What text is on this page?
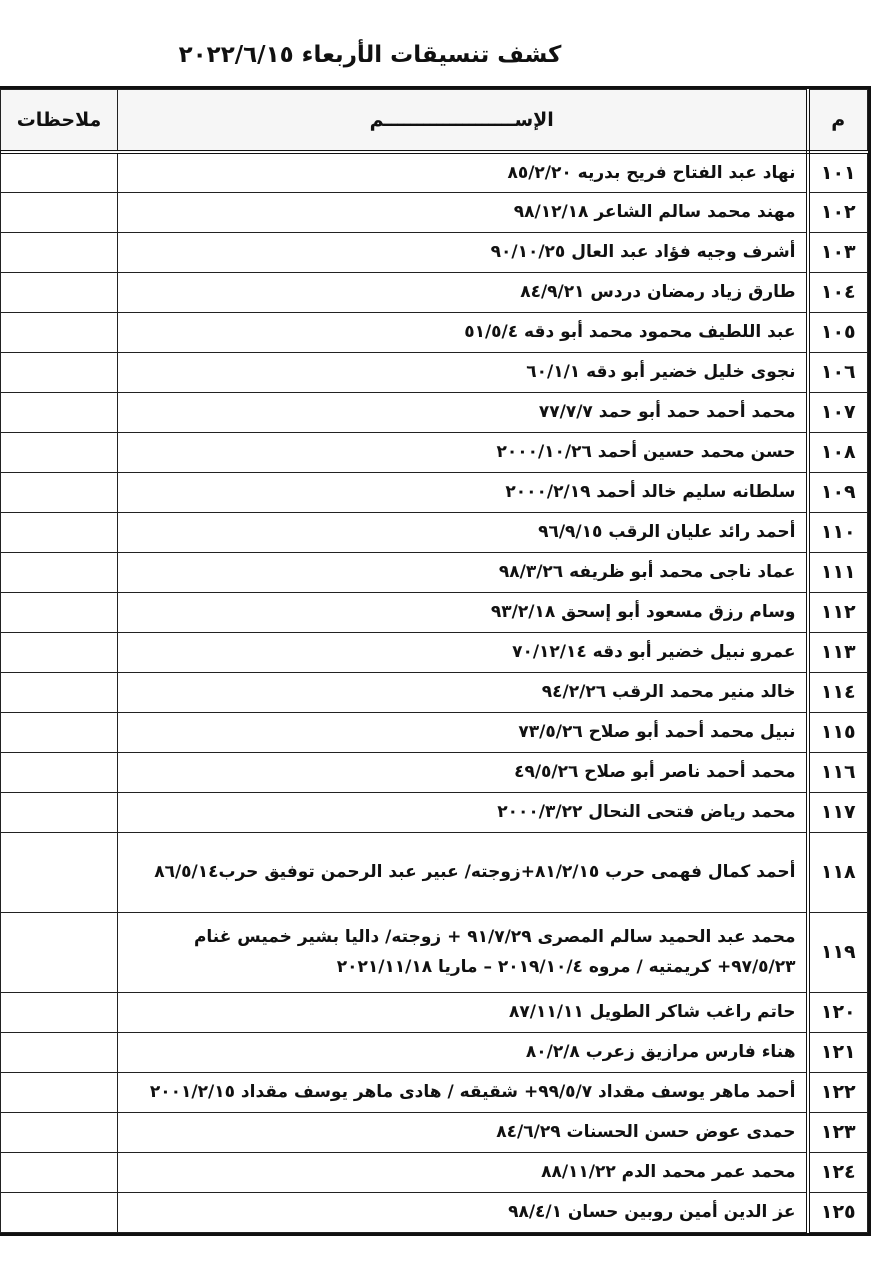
كشف تنسيقات الأربعاء ٢٠٢٢/٦/١٥
م	الإســــــــــــــــــــم	ملاحظات
١٠١	نهاد عبد الفتاح فريح بدريه ٨٥/٢/٢٠	
١٠٢	مهند محمد سالم الشاعر ٩٨/١٢/١٨	
١٠٣	أشرف وجيه فؤاد عبد العال ٩٠/١٠/٢٥	
١٠٤	طارق زياد رمضان دردس ٨٤/٩/٢١	
١٠٥	عبد اللطيف محمود محمد أبو دقه ٥١/٥/٤	
١٠٦	نجوى خليل خضير أبو دقه ٦٠/١/١	
١٠٧	محمد أحمد حمد أبو حمد ٧٧/٧/٧	
١٠٨	حسن محمد حسين أحمد ٢٠٠٠/١٠/٢٦	
١٠٩	سلطانه سليم خالد أحمد ٢٠٠٠/٢/١٩	
١١٠	أحمد رائد عليان الرقب ٩٦/٩/١٥	
١١١	عماد ناجى محمد أبو ظريفه ٩٨/٣/٢٦	
١١٢	وسام رزق مسعود أبو إسحق ٩٣/٢/١٨	
١١٣	عمرو نبيل خضير أبو دقه ٧٠/١٢/١٤	
١١٤	خالد منير محمد الرقب ٩٤/٢/٢٦	
١١٥	نبيل محمد أحمد أبو صلاح ٧٣/٥/٢٦	
١١٦	محمد أحمد ناصر أبو صلاح ٤٩/٥/٢٦	
١١٧	محمد رياض فتحى النحال ٢٠٠٠/٣/٢٢	
١١٨	أحمد كمال فهمى حرب ٨١/٢/١٥+زوجته/ عبير عبد الرحمن توفيق حرب٨٦/٥/١٤	
١١٩	محمد عبد الحميد سالم المصرى ٩١/٧/٢٩ + زوجته/ داليا بشير خميس غنام ٩٧/٥/٢٣+ كريمتيه / مروه ٢٠١٩/١٠/٤ – ماريا ٢٠٢١/١١/١٨	
١٢٠	حاتم راغب شاكر الطويل ٨٧/١١/١١	
١٢١	هناء فارس مرازيق زعرب ٨٠/٢/٨	
١٢٢	أحمد ماهر يوسف مقداد ٩٩/٥/٧+ شقيقه / هادى ماهر يوسف مقداد ٢٠٠١/٢/١٥	
١٢٣	حمدى عوض حسن الحسنات ٨٤/٦/٢٩	
١٢٤	محمد عمر محمد الدم ٨٨/١١/٢٢	
١٢٥	عز الدين أمين روبين حسان ٩٨/٤/١	
